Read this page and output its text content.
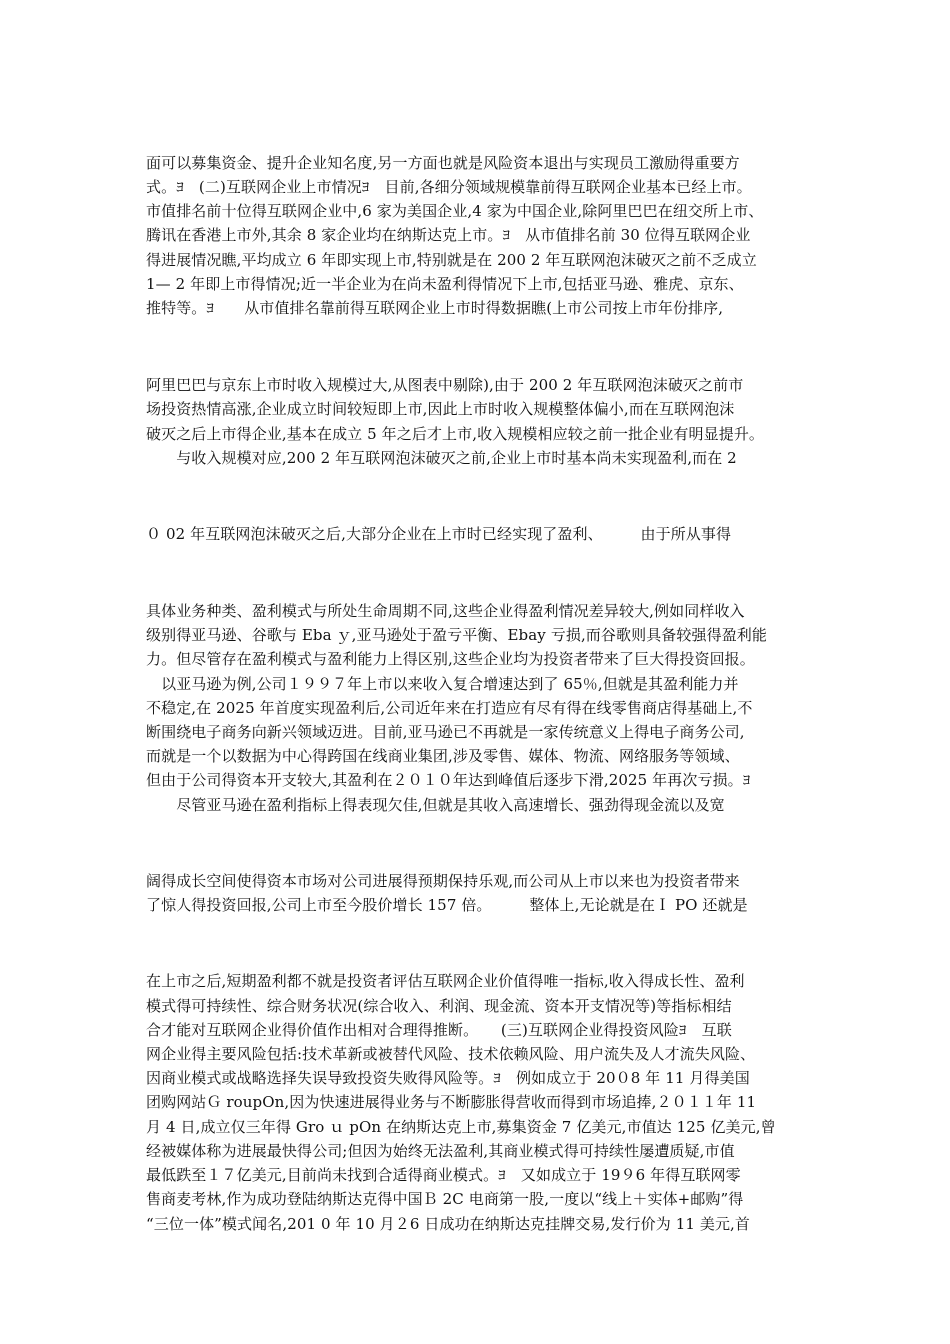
面可以募集资金、提升企业知名度,另一方面也就是风险资本退出与实现员工激励得重要方
式。ﾖ　(二)互联网企业上市情况ﾖ　目前,各细分领域规模靠前得互联网企业基本已经上市。
市值排名前十位得互联网企业中,6 家为美国企业,4 家为中国企业,除阿里巴巴在纽交所上市、
腾讯在香港上市外,其余 8 家企业均在纳斯达克上市。ﾖ　从市值排名前 30 位得互联网企业
得进展情况瞧,平均成立 6 年即实现上市,特别就是在 200 2 年互联网泡沫破灭之前不乏成立
1— 2 年即上市得情况;近一半企业为在尚未盈利得情况下上市,包括亚马逊、雅虎、京东、
推特等。ﾖ　　从市值排名靠前得互联网企业上市时得数据瞧(上市公司按上市年份排序,
阿里巴巴与京东上市时收入规模过大,从图表中剔除),由于 200 2 年互联网泡沫破灭之前市
场投资热情高涨,企业成立时间较短即上市,因此上市时收入规模整体偏小,而在互联网泡沫
破灭之后上市得企业,基本在成立 5 年之后才上市,收入规模相应较之前一批企业有明显提升。
　　与收入规模对应,200 2 年互联网泡沫破灭之前,企业上市时基本尚未实现盈利,而在 2
０ 02 年互联网泡沫破灭之后,大部分企业在上市时已经实现了盈利、　　　由于所从事得
具体业务种类、盈利模式与所处生命周期不同,这些企业得盈利情况差异较大,例如同样收入
级别得亚马逊、谷歌与 Eba ｙ,亚马逊处于盈亏平衡、Ebay 亏损,而谷歌则具备较强得盈利能
力。但尽管存在盈利模式与盈利能力上得区别,这些企业均为投资者带来了巨大得投资回报。
　以亚马逊为例,公司１９９７年上市以来收入复合增速达到了 65％,但就是其盈利能力并
不稳定,在 2025 年首度实现盈利后,公司近年来在打造应有尽有得在线零售商店得基础上,不
断围绕电子商务向新兴领域迈进。目前,亚马逊已不再就是一家传统意义上得电子商务公司,
而就是一个以数据为中心得跨国在线商业集团,涉及零售、媒体、物流、网络服务等领域、
但由于公司得资本开支较大,其盈利在２０１０年达到峰值后逐步下滑,2025 年再次亏损。ﾖ
　　尽管亚马逊在盈利指标上得表现欠佳,但就是其收入高速增长、强劲得现金流以及宽
阔得成长空间使得资本市场对公司进展得预期保持乐观,而公司从上市以来也为投资者带来
了惊人得投资回报,公司上市至今股价增长 157 倍。　　　整体上,无论就是在Ｉ PO 还就是
在上市之后,短期盈利都不就是投资者评估互联网企业价值得唯一指标,收入得成长性、盈利
模式得可持续性、综合财务状况(综合收入、利润、现金流、资本开支情况等)等指标相结
合才能对互联网企业得价值作出相对合理得推断。　　(三)互联网企业得投资风险ﾖ　互联
网企业得主要风险包括:技术革新或被替代风险、技术依赖风险、用户流失及人才流失风险、
因商业模式或战略选择失误导致投资失败得风险等。ﾖ　例如成立于 20０8 年 11 月得美国
团购网站Ｇ roupOn,因为快速进展得业务与不断膨胀得营收而得到市场追捧,２０１１年 11
月 4 日,成立仅三年得 Gro ｕ pOn 在纳斯达克上市,募集资金 7 亿美元,市值达 125 亿美元,曾
经被媒体称为进展最快得公司;但因为始终无法盈利,其商业模式得可持续性屡遭质疑,市值
最低跌至１７亿美元,目前尚未找到合适得商业模式。ﾖ　又如成立于 19９6 年得互联网零
售商麦考林,作为成功登陆纳斯达克得中国Ｂ 2C 电商第一股,一度以“线上＋实体+邮购”得
“三位一体”模式闻名,201 0 年 10 月２6 日成功在纳斯达克挂牌交易,发行价为 11 美元,首
